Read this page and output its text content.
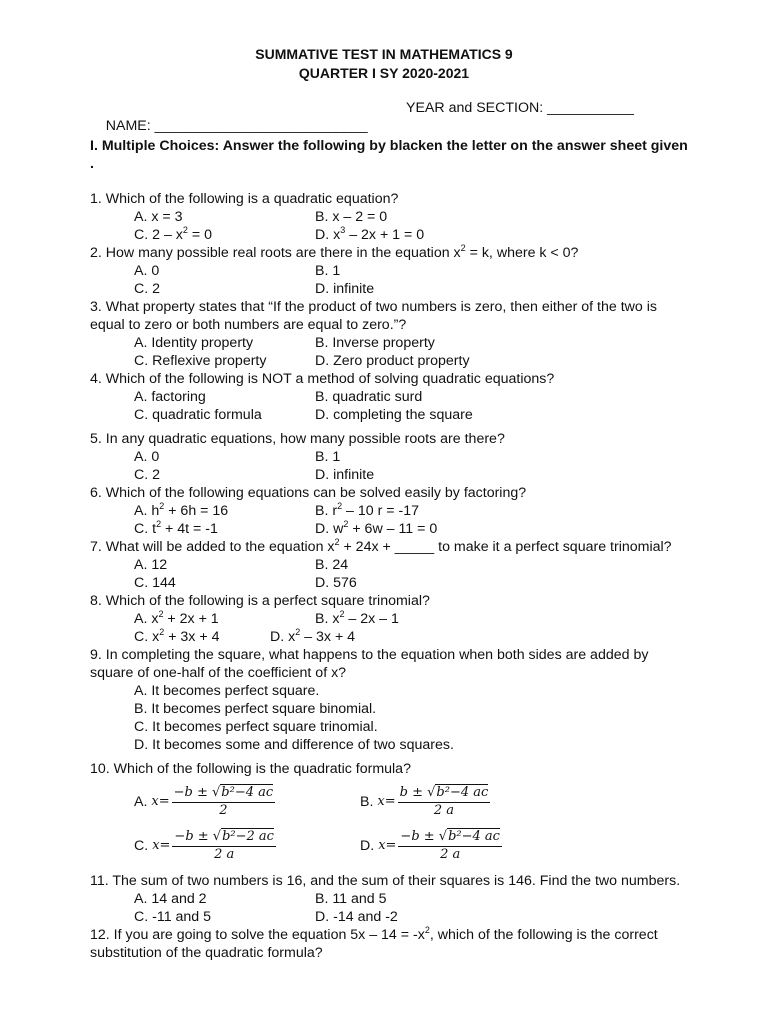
SUMMATIVE TEST IN MATHEMATICS 9
QUARTER I SY 2020-2021

NAME: ___________________________

YEAR and SECTION: ___________

I. Multiple Choices: Answer the following by blacken the letter on the answer sheet given .
1. Which of the following is a quadratic equation?
A. x = 3	B. x – 2 = 0
C. $2 - x^2 = 0$	D. $x^3 - 2x + 1 = 0$
2. How many possible real roots are there in the equation $x^2 = k$, where k < 0?
A. 0	B. 1
C. 2	D. infinite
3. What property states that “If the product of two numbers is zero, then either of the two is
equal to zero or both numbers are equal to zero.”?
A. Identity property	B. Inverse property
C. Reflexive property	D. Zero product property
4. Which of the following is NOT a method of solving quadratic equations?
A. factoring	B. quadratic surd
C. quadratic formula	D. completing the square
5. In any quadratic equations, how many possible roots are there?
A. 0	B. 1
C. 2	D. infinite
6. Which of the following equations can be solved easily by factoring?
A. $h^2 + 6h = 16$	B. $r^2 - 10$ r = -17
C. $t^2 + 4t = -1$	D. $w^2 + 6w - 11 = 0$
7. What will be added to the equation $x^2 + 24x$ + _____ to make it a perfect square trinomial?
A. 12	B. 24
C. 144	D. 576
8. Which of the following is a perfect square trinomial?
A. $x^2 + 2x + 1$	B. $x^2 - 2x - 1$
C. $x^2 + 3x + 4$	D. $x^2 - 3x + 4$
9. In completing the square, what happens to the equation when both sides are added by
square of one-half of the coefficient of x?
A. It becomes perfect square.
B. It becomes perfect square binomial.
C. It becomes perfect square trinomial.
D. It becomes some and difference of two squares.
10. Which of the following is the quadratic formula?
A. $x= \frac{\text{−b ± √b²−4 ac}}{2}$	B. $x= \frac{\text{b ± √b²−4 ac}}{2 a}$
C. $x= \frac{\text{−b ± √b²−2 ac}}{2 a}$	D. $x= \frac{\text{−b ± √b²−4 ac}}{2 a}$
11. The sum of two numbers is 16, and the sum of their squares is 146. Find the two numbers.
A. 14 and 2	B. 11 and 5
C. -11 and 5	D. -14 and -2
12. If you are going to solve the equation $5x - 14 = -x^2$, which of the following is the correct
substitution of the quadratic formula?
